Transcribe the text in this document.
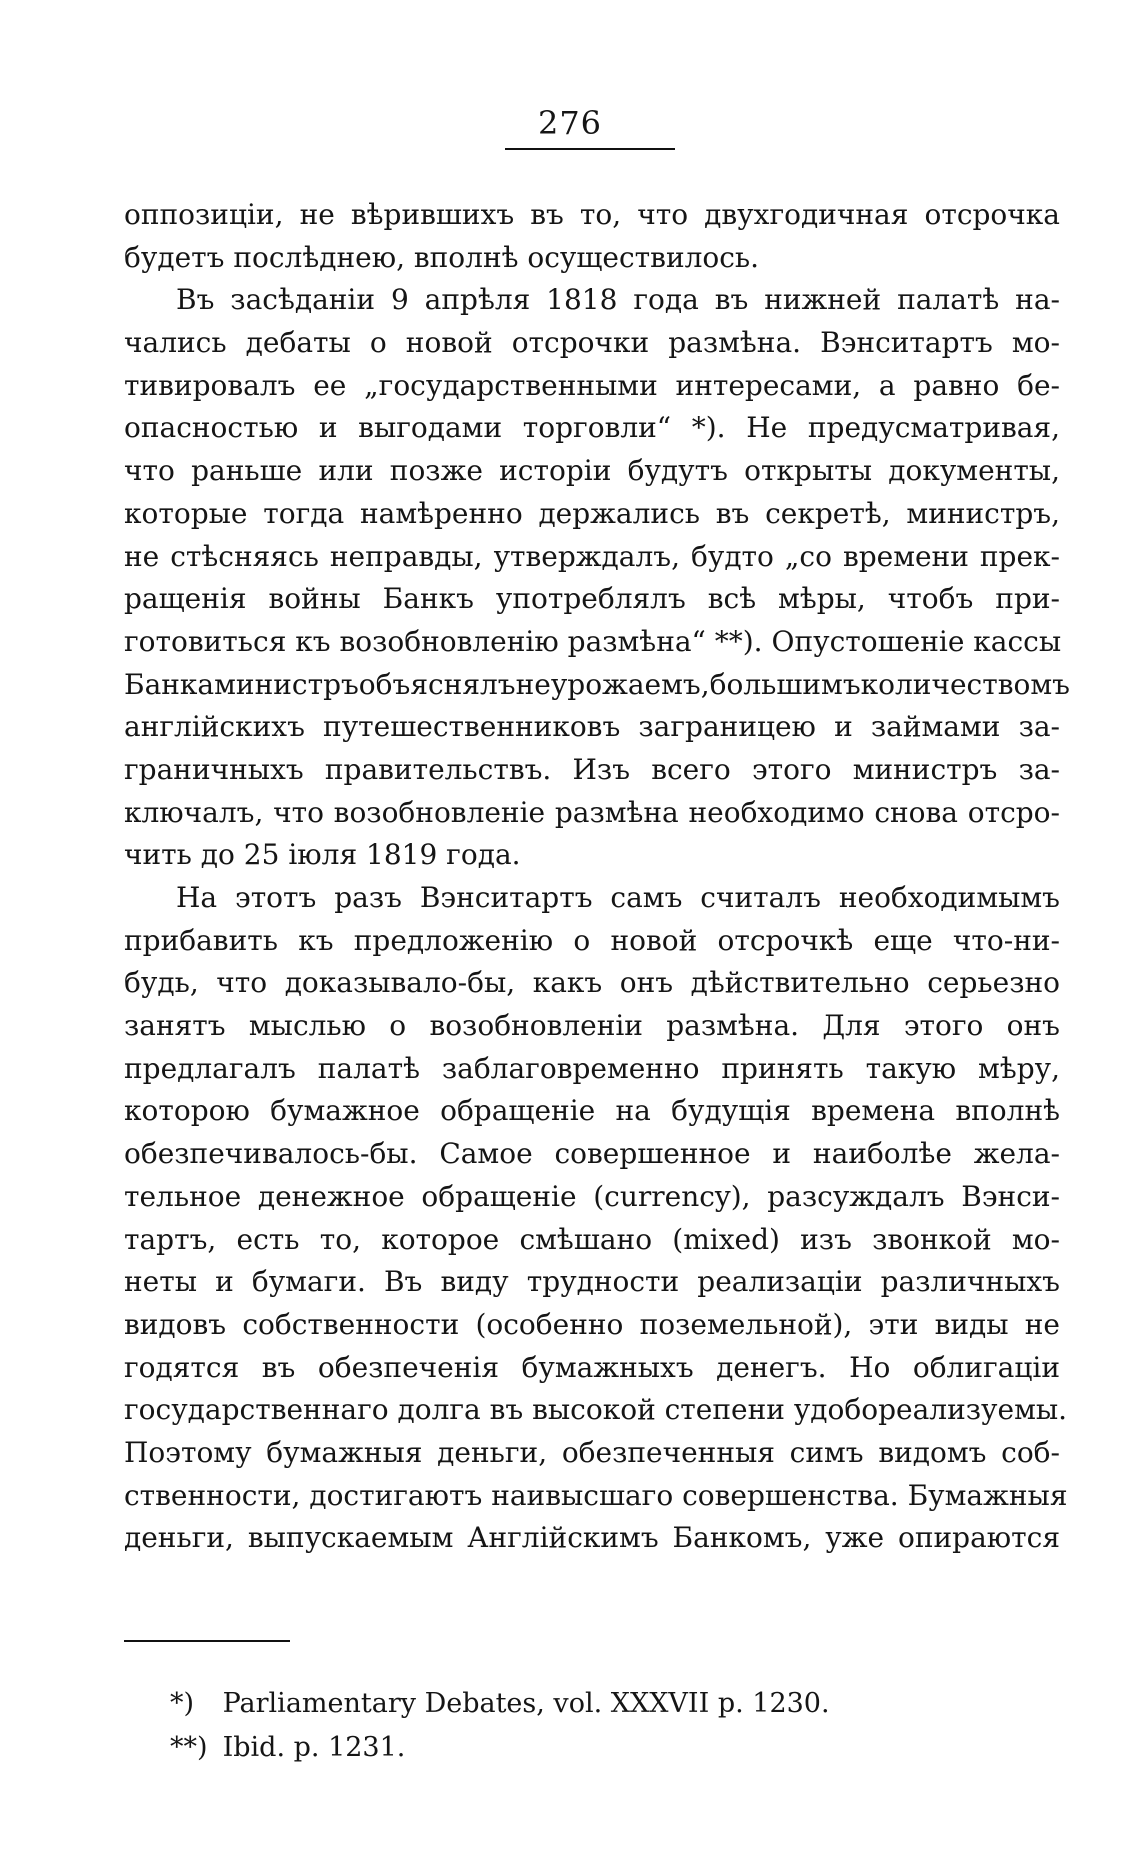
276
оппозиціи, не вѣрившихъ въ то, что двухгодичная отсрочка
будетъ послѣднею, вполнѣ осуществилось.
Въ засѣданіи 9 апрѣля 1818 года въ нижней палатѣ на-
чались дебаты о новой отсрочки размѣна. Вэнситартъ мо-
тивировалъ ее „государственными интересами, а равно бе-
опасностью и выгодами торговли“ *). Не предусматривая,
что раньше или позже исторіи будутъ открыты документы,
которые тогда намѣренно держались въ секретѣ, министръ,
не стѣсняясь неправды, утверждалъ, будто „со времени прек-
ращенія войны Банкъ употреблялъ всѣ мѣры, чтобъ при-
готовиться къ возобновленію размѣна“ **). Опустошеніе кассы
Банкаминистръобъяснялънеурожаемъ,большимъколичествомъ
англійскихъ путешественниковъ заграницею и займами за-
граничныхъ правительствъ. Изъ всего этого министръ за-
ключалъ, что возобновленіе размѣна необходимо снова отсро-
чить до 25 іюля 1819 года.
На этотъ разъ Вэнситартъ самъ считалъ необходимымъ
прибавить къ предложенію о новой отсрочкѣ еще что-ни-
будь, что доказывало-бы, какъ онъ дѣйствительно серьезно
занятъ мыслью о возобновленіи размѣна. Для этого онъ
предлагалъ палатѣ заблаговременно принять такую мѣру,
которою бумажное обращеніе на будущія времена вполнѣ
обезпечивалось-бы. Самое совершенное и наиболѣе жела-
тельное денежное обращеніе (currency), разсуждалъ Вэнси-
тартъ, есть то, которое смѣшано (mixed) изъ звонкой мо-
неты и бумаги. Въ виду трудности реализаціи различныхъ
видовъ собственности (особенно поземельной), эти виды не
годятся въ обезпеченія бумажныхъ денегъ. Но облигаціи
государственнаго долга въ высокой степени удобореализуемы.
Поэтому бумажныя деньги, обезпеченныя симъ видомъ соб-
ственности, достигаютъ наивысшаго совершенства. Бумажныя
деньги, выпускаемым Англійскимъ Банкомъ, уже опираются
*) Parliamentary Debates, vol. XXXVII p. 1230.
**) Ibid. p. 1231.
